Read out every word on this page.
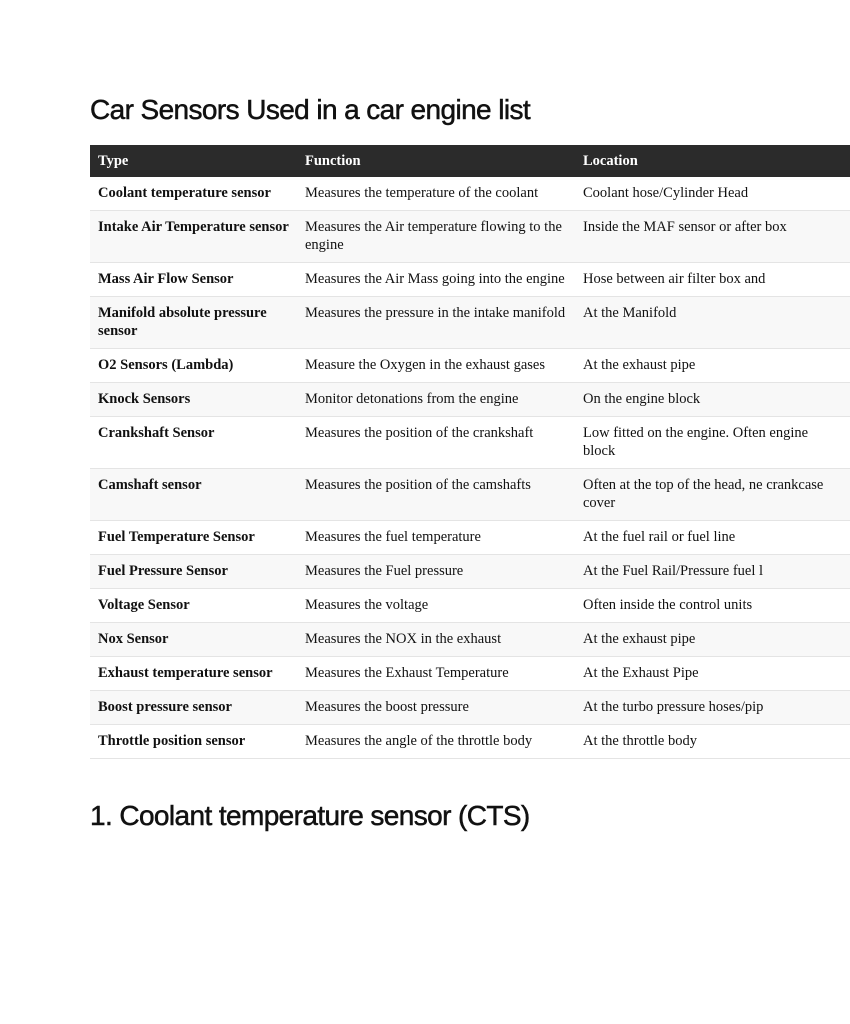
Car Sensors Used in a car engine list
Type	Function	Location
Coolant temperature sensor	Measures the temperature of the coolant	Coolant hose/Cylinder Head
Intake Air Temperature sensor	Measures the Air temperature flowing to the engine	Inside the MAF sensor or after box
Mass Air Flow Sensor	Measures the Air Mass going into the engine	Hose between air filter box and
Manifold absolute pressure sensor	Measures the pressure in the intake manifold	At the Manifold
O2 Sensors (Lambda)	Measure the Oxygen in the exhaust gases	At the exhaust pipe
Knock Sensors	Monitor detonations from the engine	On the engine block
Crankshaft Sensor	Measures the position of the crankshaft	Low fitted on the engine. Often engine block
Camshaft sensor	Measures the position of the camshafts	Often at the top of the head, ne crankcase cover
Fuel Temperature Sensor	Measures the fuel temperature	At the fuel rail or fuel line
Fuel Pressure Sensor	Measures the Fuel pressure	At the Fuel Rail/Pressure fuel l
Voltage Sensor	Measures the voltage	Often inside the control units
Nox Sensor	Measures the NOX in the exhaust	At the exhaust pipe
Exhaust temperature sensor	Measures the Exhaust Temperature	At the Exhaust Pipe
Boost pressure sensor	Measures the boost pressure	At the turbo pressure hoses/pip
Throttle position sensor	Measures the angle of the throttle body	At the throttle body
1. Coolant temperature sensor (CTS)
